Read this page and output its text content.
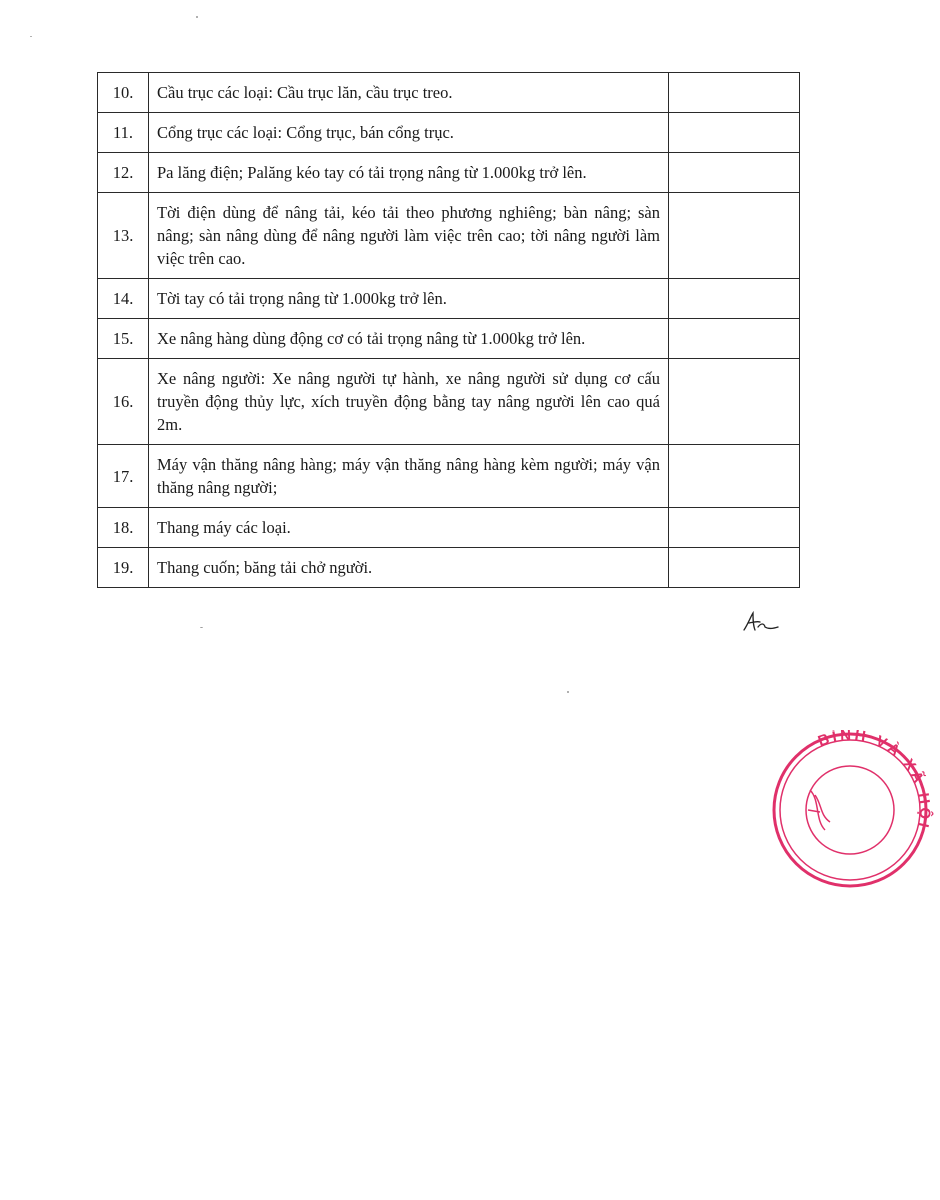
10.	Cầu trục các loại: Cầu trục lăn, cầu trục treo.	
11.	Cổng trục các loại: Cổng trục, bán cổng trục.	
12.	Pa lăng điện; Palăng kéo tay có tải trọng nâng từ 1.000kg trở lên.	
13.	Tời điện dùng để nâng tải, kéo tải theo phương nghiêng; bàn nâng; sàn nâng; sàn nâng dùng để nâng người làm việc trên cao; tời nâng người làm việc trên cao.	
14.	Tời tay có tải trọng nâng từ 1.000kg trở lên.	
15.	Xe nâng hàng dùng động cơ có tải trọng nâng từ 1.000kg trở lên.	
16.	Xe nâng người: Xe nâng người tự hành, xe nâng người sử dụng cơ cấu truyền động thủy lực, xích truyền động bằng tay nâng người lên cao quá 2m.	
17.	Máy vận thăng nâng hàng; máy vận thăng nâng hàng kèm người; máy vận thăng nâng người;	
18.	Thang máy các loại.	
19.	Thang cuốn; băng tải chở người.	
BÌNH VÀ XÃ HỘI
